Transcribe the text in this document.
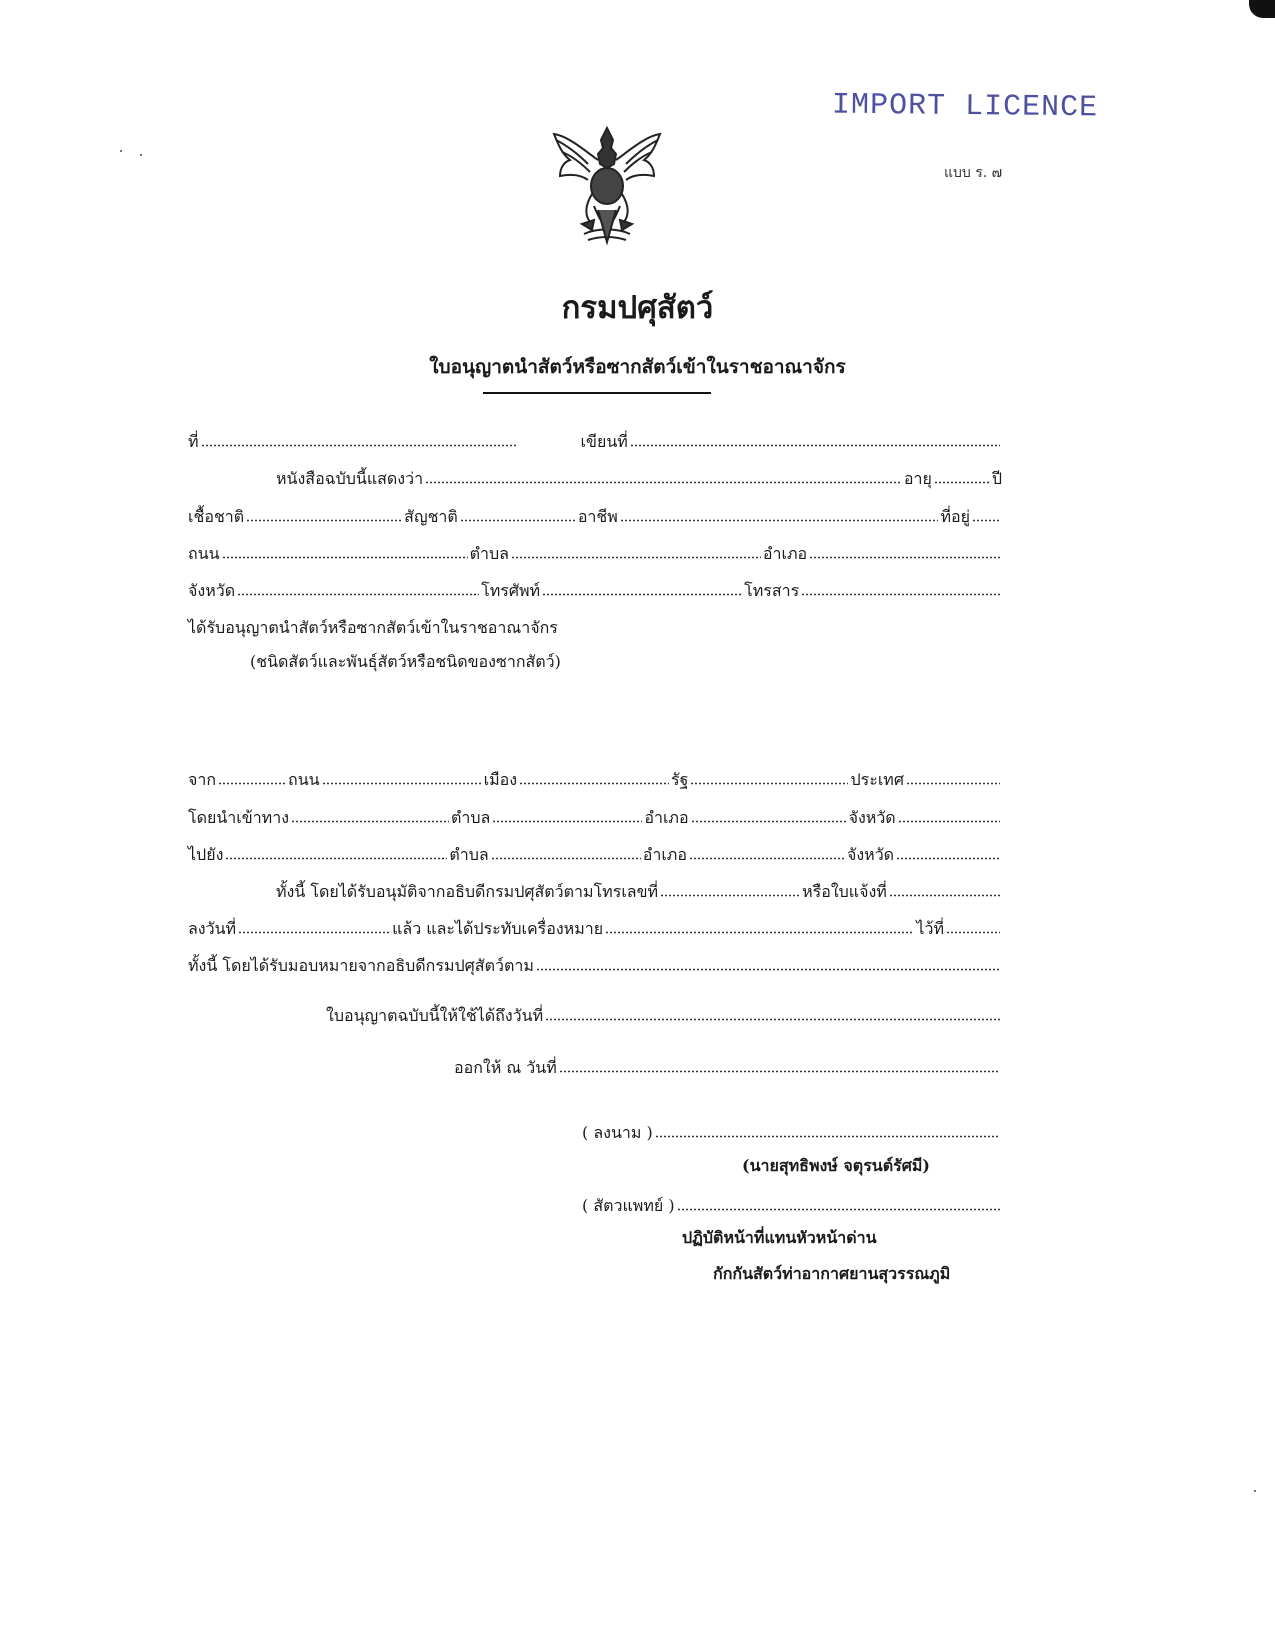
IMPORT LICENCE
แบบ ร. ๗
กรมปศุสัตว์
ใบอนุญาตนำสัตว์หรือซากสัตว์เข้าในราชอาณาจักร
ที่	เขียนที่
หนังสือฉบับนี้แสดงว่า	อายุ	ปี
เชื้อชาติ	สัญชาติ	อาชีพ	ที่อยู่
ถนน	ตำบล	อำเภอ
จังหวัด	โทรศัพท์	โทรสาร
ได้รับอนุญาตนำสัตว์หรือซากสัตว์เข้าในราชอาณาจักร
(ชนิดสัตว์และพันธุ์สัตว์หรือชนิดของซากสัตว์)
จาก	ถนน	เมือง	รัฐ	ประเทศ
โดยนำเข้าทาง	ตำบล	อำเภอ	จังหวัด
ไปยัง	ตำบล	อำเภอ	จังหวัด
ทั้งนี้ โดยได้รับอนุมัติจากอธิบดีกรมปศุสัตว์ตามโทรเลขที่	หรือใบแจ้งที่
ลงวันที่	แล้ว และได้ประทับเครื่องหมาย	ไว้ที่
ทั้งนี้ โดยได้รับมอบหมายจากอธิบดีกรมปศุสัตว์ตาม
ใบอนุญาตฉบับนี้ให้ใช้ได้ถึงวันที่
ออกให้ ณ วันที่
( ลงนาม )
(นายสุทธิพงษ์ จตุรนต์รัศมี)
( สัตวแพทย์ )
ปฏิบัติหน้าที่แทนหัวหน้าด่าน
กักกันสัตว์ท่าอากาศยานสุวรรณภูมิ
